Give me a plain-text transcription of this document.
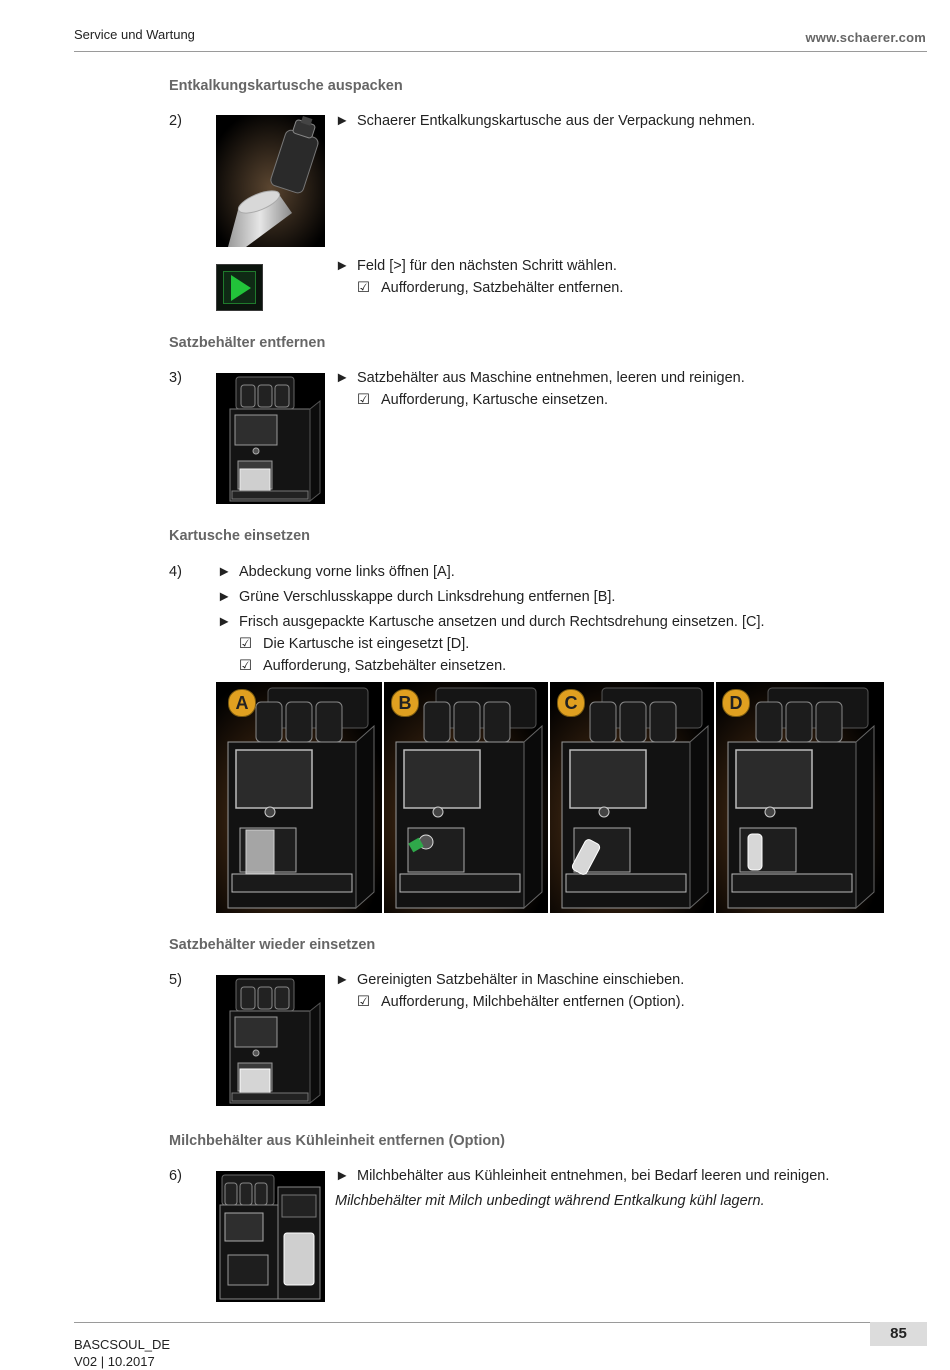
Service und Wartung	www.schaerer.com
Entkalkungskartusche auspacken
2)	► Schaerer Entkalkungskartusche aus der Verpackung nehmen.
► Feld [>] für den nächsten Schritt wählen.
☑ Aufforderung, Satzbehälter entfernen.
Satzbehälter entfernen
3)	► Satzbehälter aus Maschine entnehmen, leeren und reinigen.
☑ Aufforderung, Kartusche einsetzen.
Kartusche einsetzen
4) ► Abdeckung vorne links öffnen [A].
► Grüne Verschlusskappe durch Linksdrehung entfernen [B].
► Frisch ausgepackte Kartusche ansetzen und durch Rechtsdrehung einsetzen. [C].
☑ Die Kartusche ist eingesetzt [D].
☑ Aufforderung, Satzbehälter einsetzen.
A	B	C	D
Satzbehälter wieder einsetzen
5)	► Gereinigten Satzbehälter in Maschine einschieben.
☑ Aufforderung, Milchbehälter entfernen (Option).
Milchbehälter aus Kühleinheit entfernen (Option)
6)	► Milchbehälter aus Kühleinheit entnehmen, bei Bedarf leeren und reinigen.
Milchbehälter mit Milch unbedingt während Entkalkung kühl lagern.
85
BASCSOUL_DE
V02 | 10.2017
